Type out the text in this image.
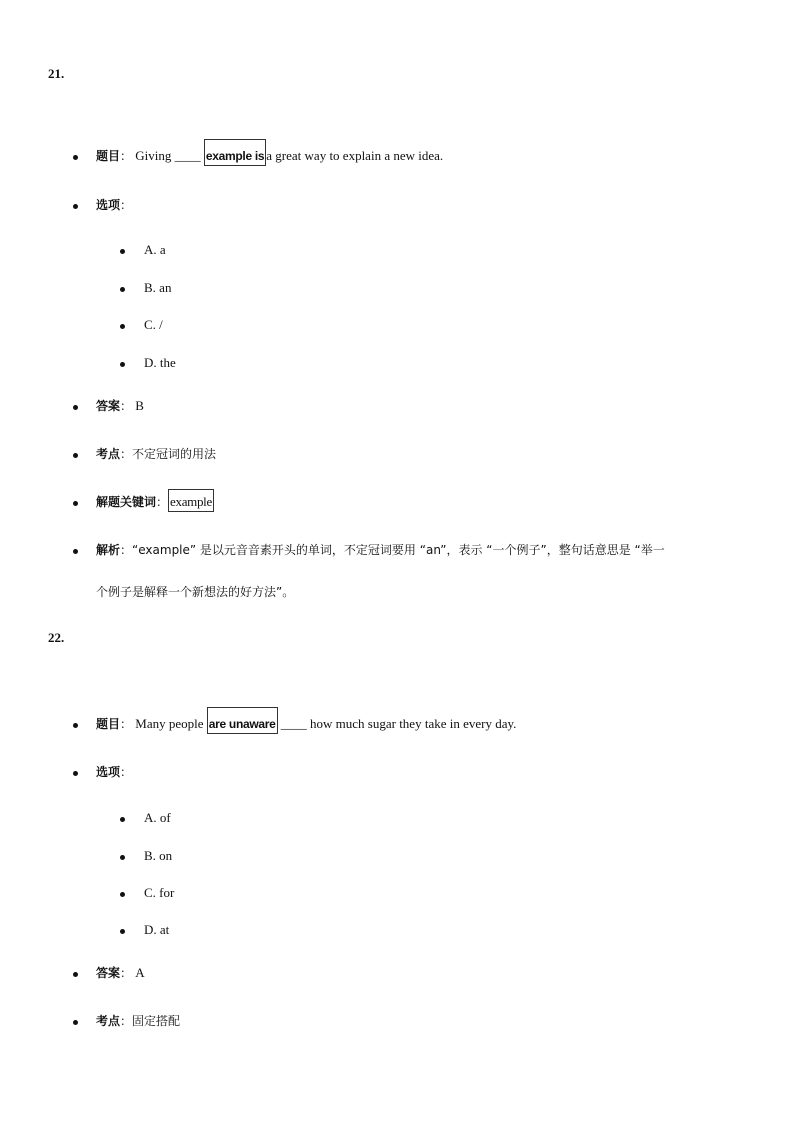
21.
题目： Giving ____ example is a great way to explain a new idea.
选项：
A. a
B. an
C. /
D. the
答案： B
考点：不定冠词的用法
解题关键词： example
解析：“example” 是以元音音素开头的单词，不定冠词要用 “an”，表示 “一个例子”，整句话意思是 “举一
个例子是解释一个新想法的好方法”。
22.
题目： Many people are unaware ____ how much sugar they take in every day.
选项：
A. of
B. on
C. for
D. at
答案： A
考点：固定搭配
